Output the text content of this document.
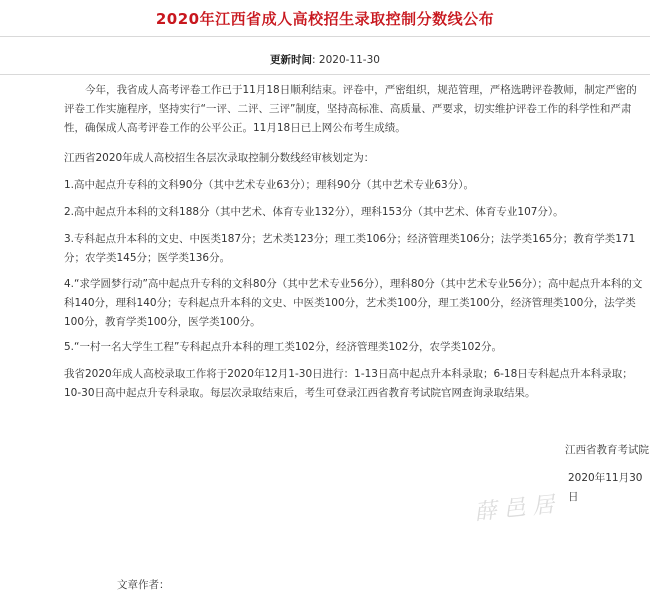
2020年江西省成人高校招生录取控制分数线公布
更新时间: 2020-11-30

今年，我省成人高考评卷工作已于11月18日顺利结束。评卷中，严密组织，规范管理，严格选聘评卷教师，制定严密的评卷工作实施程序，坚持实行“一评、二评、三评”制度，坚持高标准、高质量、严要求，切实维护评卷工作的科学性和严肃性，确保成人高考评卷工作的公平公正。11月18日已上网公布考生成绩。

江西省2020年成人高校招生各层次录取控制分数线经审核划定为：

1.高中起点升专科的文科90分（其中艺术专业63分）；理科90分（其中艺术专业63分）。

2.高中起点升本科的文科188分（其中艺术、体育专业132分），理科153分（其中艺术、体育专业107分）。

3.专科起点升本科的文史、中医类187分；艺术类123分；理工类106分；经济管理类106分；法学类165分；教育学类171分；农学类145分；医学类136分。

4.“求学圆梦行动”高中起点升专科的文科80分（其中艺术专业56分），理科80分（其中艺术专业56分）；高中起点升本科的文科140分，理科140分；专科起点升本科的文史、中医类100分，艺术类100分，理工类100分，经济管理类100分，法学类100分，教育学类100分，医学类100分。

5.“一村一名大学生工程”专科起点升本科的理工类102分，经济管理类102分，农学类102分。

我省2020年成人高校录取工作将于2020年12月1-30日进行：1-13日高中起点升本科录取；6-18日专科起点升本科录取；10-30日高中起点升专科录取。每层次录取结束后，考生可登录江西省教育考试院官网查询录取结果。

江西省教育考试院
2020年11月30日
薛 邑 居
文章作者：
